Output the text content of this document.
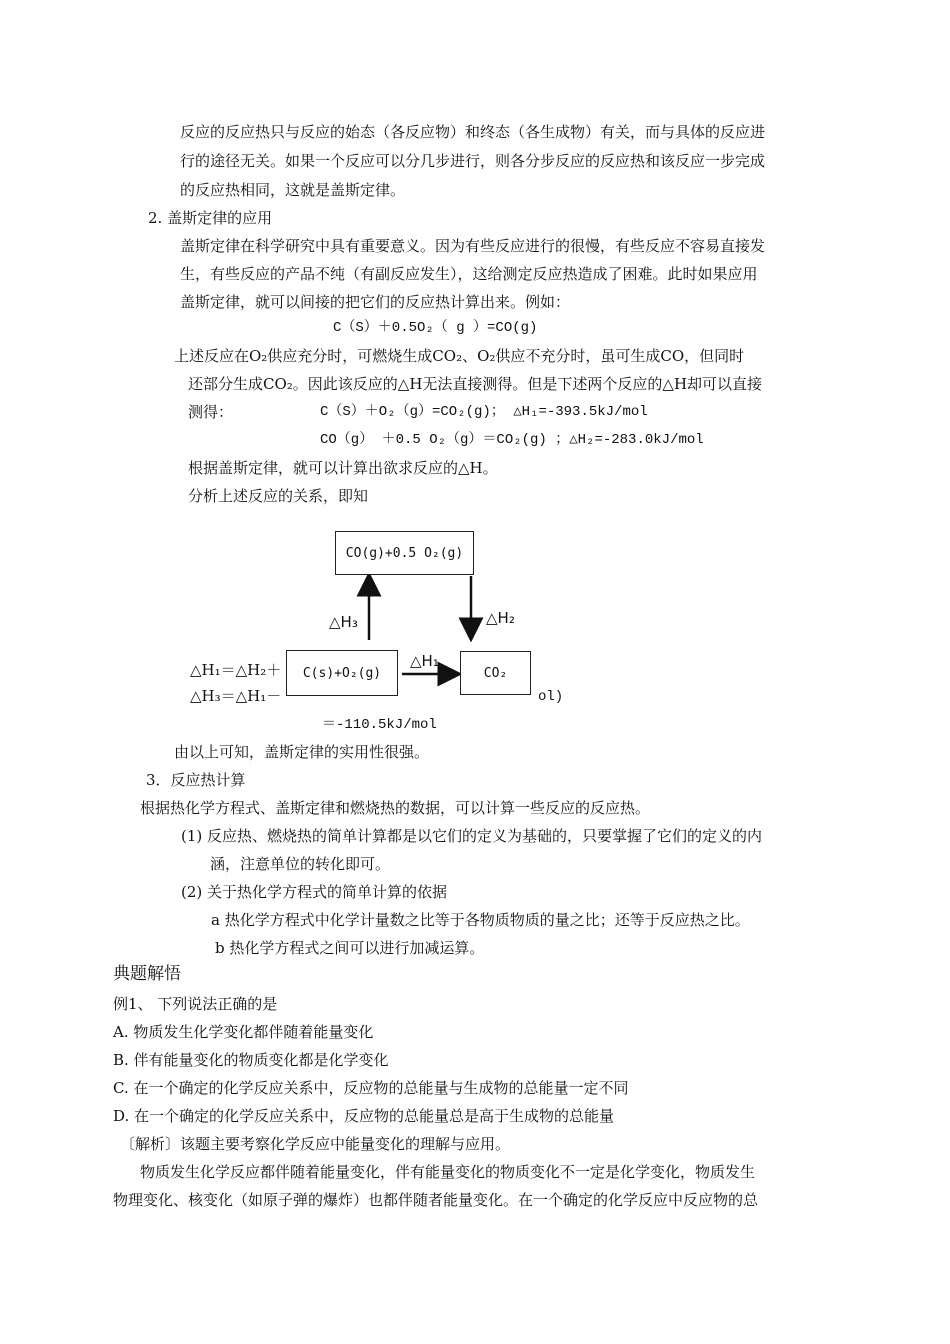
反应的反应热只与反应的始态（各反应物）和终态（各生成物）有关，而与具体的反应进
行的途径无关。如果一个反应可以分几步进行，则各分步反应的反应热和该反应一步完成
的反应热相同，这就是盖斯定律。
2. 盖斯定律的应用
盖斯定律在科学研究中具有重要意义。因为有些反应进行的很慢，有些反应不容易直接发
生，有些反应的产品不纯（有副反应发生），这给测定反应热造成了困难。此时如果应用
盖斯定律，就可以间接的把它们的反应热计算出来。例如：
C（S）＋0.5O₂（ g ）=CO(g)
上述反应在O₂供应充分时，可燃烧生成CO₂、O₂供应不充分时，虽可生成CO，但同时
还部分生成CO₂。因此该反应的△H无法直接测得。但是下述两个反应的△H却可以直接
测得：	C（S）＋O₂（g）=CO₂(g)； △H₁=-393.5kJ/mol
CO（g） ＋0.5 O₂（g）＝CO₂(g) ；△H₂=-283.0kJ/mol
根据盖斯定律，就可以计算出欲求反应的△H。
分析上述反应的关系，即知
△H₁＝△H₂＋
△H₃＝△H₁－	ol)
CO(g)+0.5 O₂(g)
C(s)+O₂(g)	CO₂
△H₃	△H₂
△H₁
＝-110.5kJ/mol
由以上可知，盖斯定律的实用性很强。
3．反应热计算
根据热化学方程式、盖斯定律和燃烧热的数据，可以计算一些反应的反应热。
(1) 反应热、燃烧热的简单计算都是以它们的定义为基础的，只要掌握了它们的定义的内
涵，注意单位的转化即可。
(2) 关于热化学方程式的简单计算的依据
a 热化学方程式中化学计量数之比等于各物质物质的量之比；还等于反应热之比。
b 热化学方程式之间可以进行加减运算。
典题解悟
例1、 下列说法正确的是
A. 物质发生化学变化都伴随着能量变化
B. 伴有能量变化的物质变化都是化学变化
C. 在一个确定的化学反应关系中，反应物的总能量与生成物的总能量一定不同
D. 在一个确定的化学反应关系中，反应物的总能量总是高于生成物的总能量
〔解析〕该题主要考察化学反应中能量变化的理解与应用。
物质发生化学反应都伴随着能量变化，伴有能量变化的物质变化不一定是化学变化，物质发生
物理变化、核变化（如原子弹的爆炸）也都伴随者能量变化。在一个确定的化学反应中反应物的总
